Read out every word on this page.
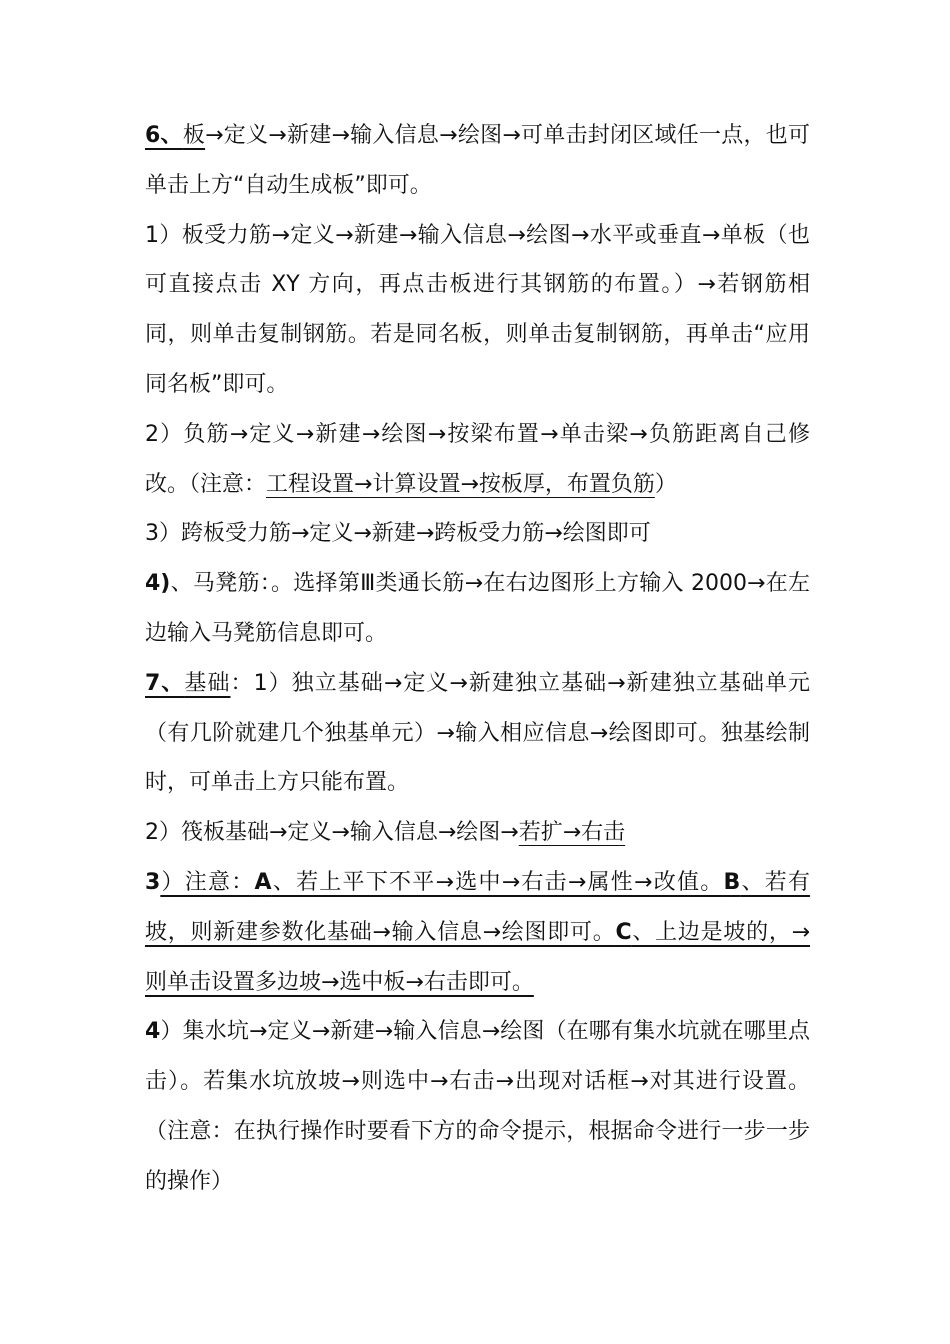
6、板→定义→新建→输入信息→绘图→可单击封闭区域任一点，也可单击上方“自动生成板”即可。

1）板受力筋→定义→新建→输入信息→绘图→水平或垂直→单板（也可直接点击 XY 方向，再点击板进行其钢筋的布置。）→若钢筋相同，则单击复制钢筋。若是同名板，则单击复制钢筋，再单击“应用同名板”即可。

2）负筋→定义→新建→绘图→按梁布置→单击梁→负筋距离自己修改。（注意：工程设置→计算设置→按板厚，布置负筋）

3）跨板受力筋→定义→新建→跨板受力筋→绘图即可

4)、马凳筋：。选择第Ⅲ类通长筋→在右边图形上方输入 2000→在左边输入马凳筋信息即可。

7、基础：1）独立基础→定义→新建独立基础→新建独立基础单元（有几阶就建几个独基单元）→输入相应信息→绘图即可。独基绘制时，可单击上方只能布置。

2）筏板基础→定义→输入信息→绘图→若扩→右击

3）注意：A、若上平下不平→选中→右击→属性→改值。B、若有坡，则新建参数化基础→输入信息→绘图即可。C、上边是坡的，→则单击设置多边坡→选中板→右击即可。

4）集水坑→定义→新建→输入信息→绘图（在哪有集水坑就在哪里点击）。若集水坑放坡→则选中→右击→出现对话框→对其进行设置。（注意：在执行操作时要看下方的命令提示，根据命令进行一步一步的操作）
